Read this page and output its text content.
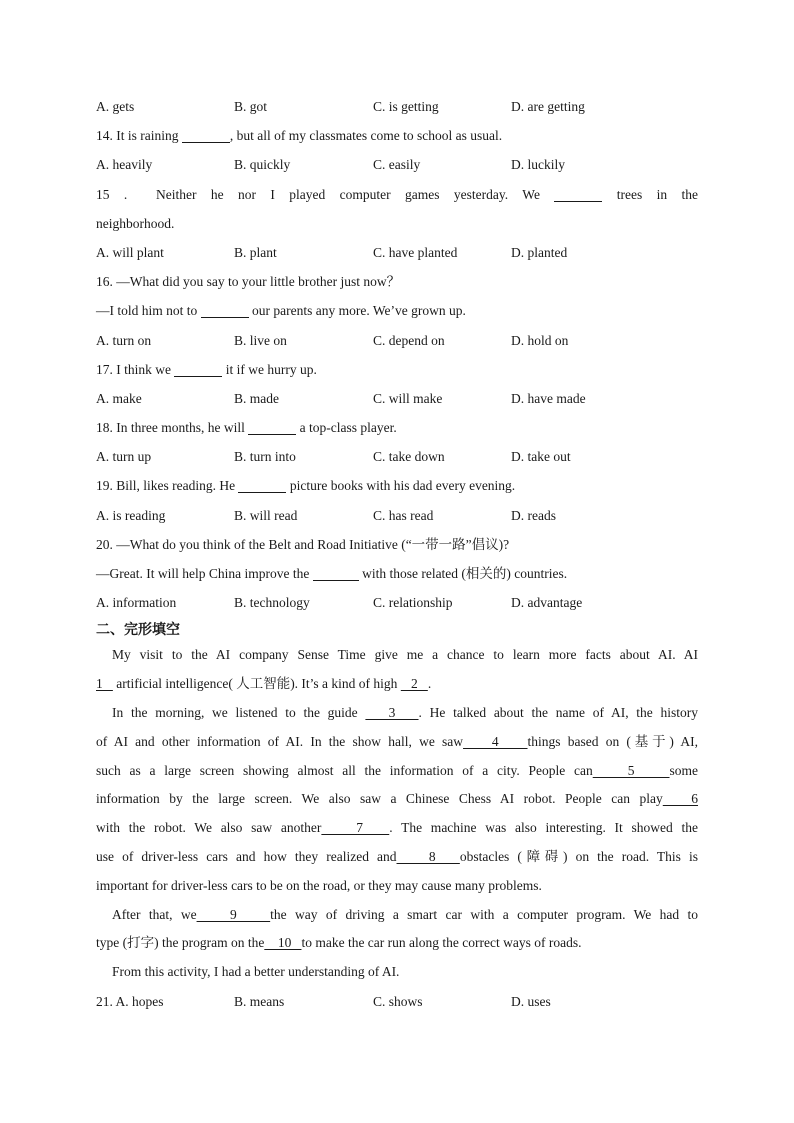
A. gets	B. got	C. is getting	D. are getting
14. It is raining	, but all of my classmates come to school as usual.
A. heavily	B. quickly	C. easily	D. luckily
15 .  Neither he nor I played computer games yesterday. We	trees in the
neighborhood.
A. will plant	B. plant	C. have planted	D. planted
16. —What did you say to your little brother just now？
—I told him not to	our parents any more. We’ve grown up.
A. turn on	B. live on	C. depend on	D. hold on
17. I think we	it if we hurry up.
A. make	B. made	C. will make	D. have made
18. In three months, he will	a top-class player.
A. turn up	B. turn into	C. take down	D. take out
19. Bill, likes reading. He	picture books with his dad every evening.
A. is reading	B. will read	C. has read	D. reads
20. —What do you think of the Belt and Road Initiative (“一带一路”倡议)?
—Great. It will help China improve the	with those related (相关的) countries.
A. information	B. technology	C. relationship	D. advantage
二、完形填空
My visit to the AI company Sense Time give me a chance to learn more facts about AI. AI
1    artificial intelligence( 人工智能). It’s a kind of high    2   .
In the morning, we listened to the guide    3   . He talked about the name of AI, the history
of AI and other information of AI. In the show hall, we saw    4    things based on (基于) AI,
such as a large screen showing almost all the information of a city. People can    5    some
information by the large screen. We also saw a Chinese Chess AI robot. People can play   6
with the robot. We also saw another    7   . The machine was also interesting. It showed the
use of driver-less cars and how they realized and    8   obstacles (障碍) on the road. This is
important for driver-less cars to be on the road, or they may cause many problems.
After that, we    9    the way of driving a smart car with a computer program. We had to
type (打字) the program on the    10   to make the car run along the correct ways of roads.
From this activity, I had a better understanding of AI.
21. A. hopes	B. means	C. shows	D. uses
